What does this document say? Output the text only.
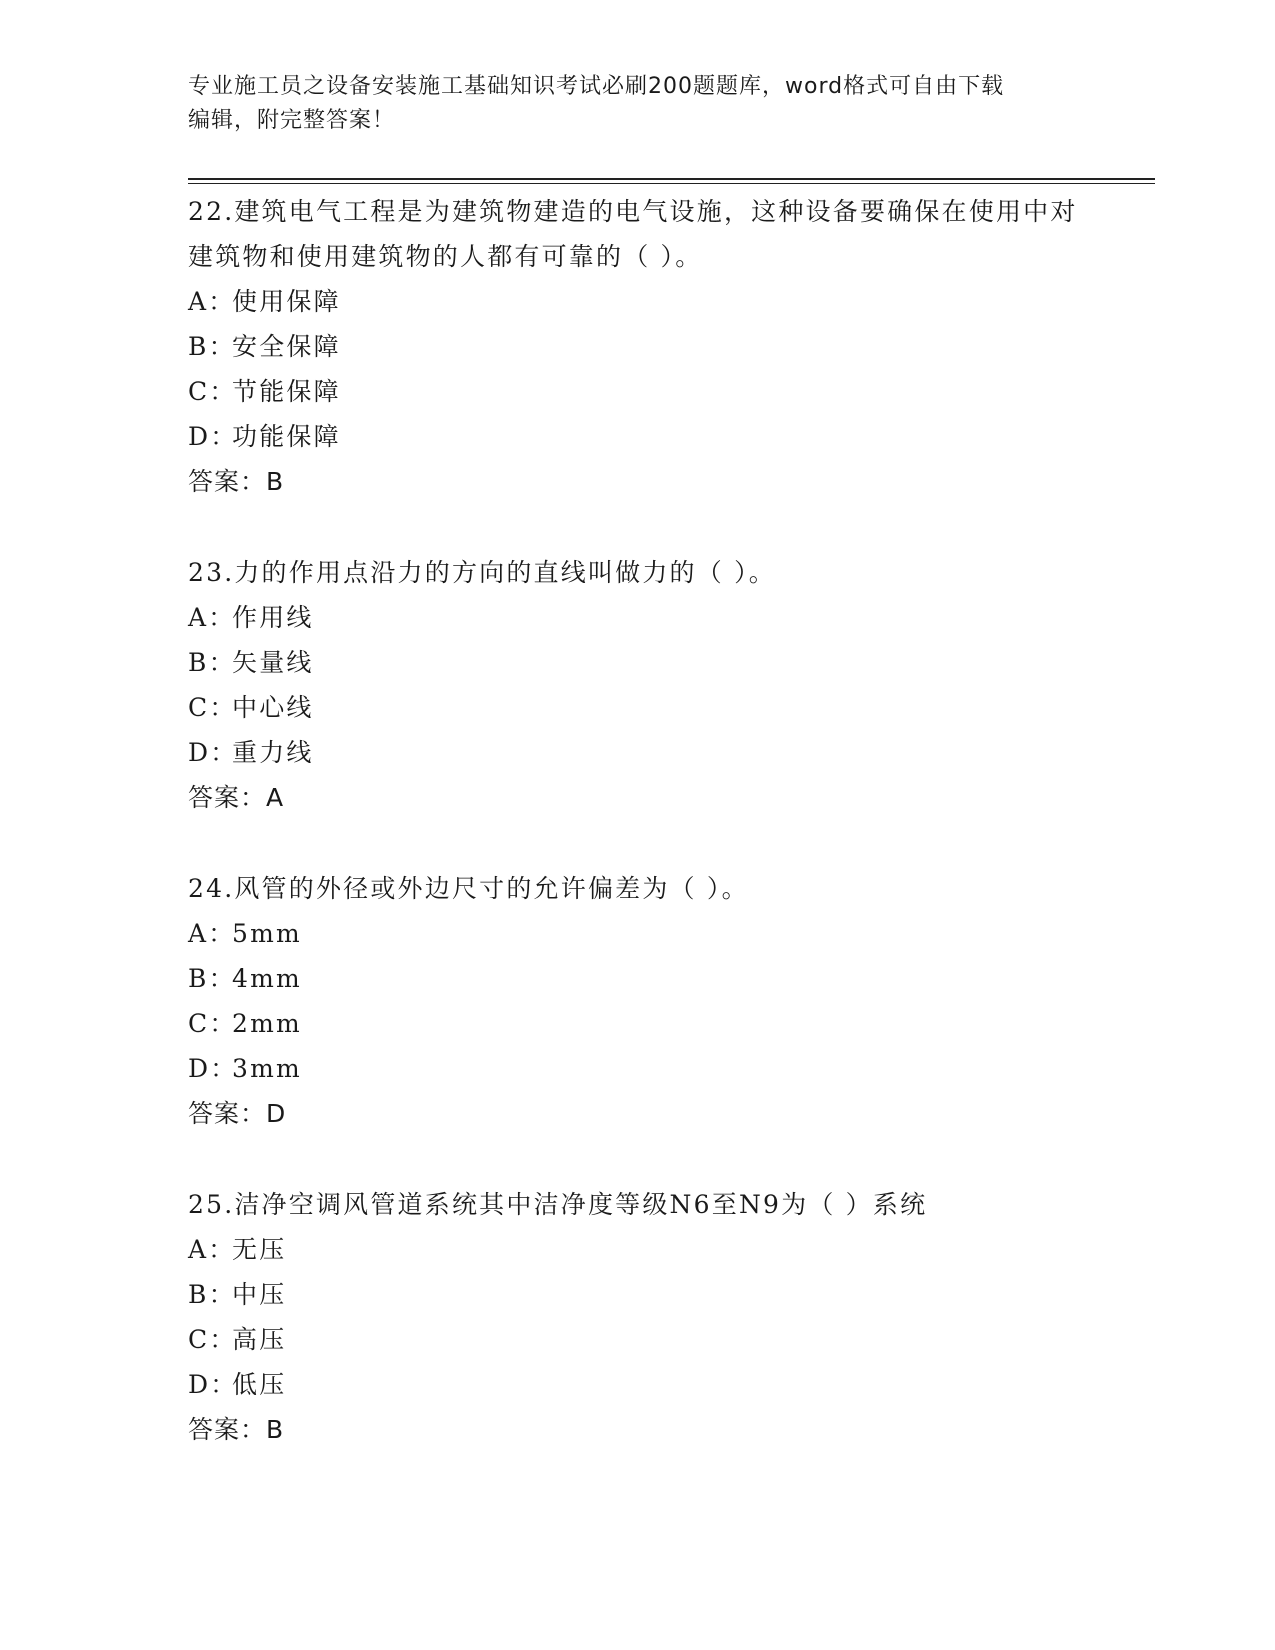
专业施工员之设备安装施工基础知识考试必刷200题题库，word格式可自由下载
编辑，附完整答案！

22.建筑电气工程是为建筑物建造的电气设施，这种设备要确保在使用中对建筑物和使用建筑物的人都有可靠的（ ）。

A：使用保障
B：安全保障
C：节能保障
D：功能保障
答案：B

23.力的作用点沿力的方向的直线叫做力的（ ）。

A：作用线
B：矢量线
C：中心线
D：重力线
答案：A

24.风管的外径或外边尺寸的允许偏差为（ ）。

A：5mm
B：4mm
C：2mm
D：3mm
答案：D

25.洁净空调风管道系统其中洁净度等级N6至N9为（ ）系统

A：无压
B：中压
C：高压
D：低压
答案：B
